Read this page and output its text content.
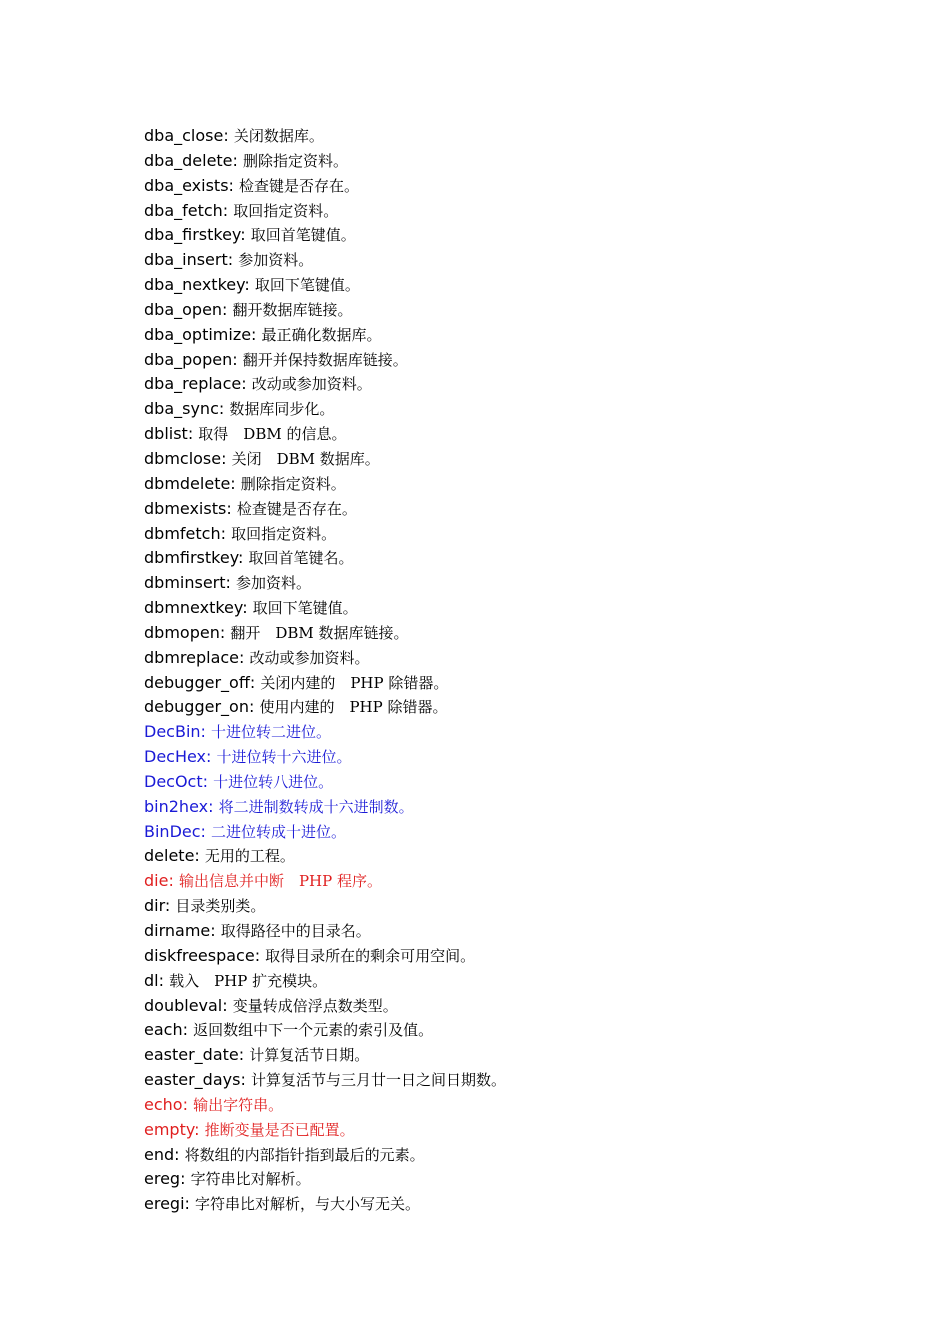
dba_close: 关闭数据库。
dba_delete: 删除指定资料。
dba_exists: 检查键是否存在。
dba_fetch: 取回指定资料。
dba_firstkey: 取回首笔键值。
dba_insert: 参加资料。
dba_nextkey: 取回下笔键值。
dba_open: 翻开数据库链接。
dba_optimize: 最正确化数据库。
dba_popen: 翻开并保持数据库链接。
dba_replace: 改动或参加资料。
dba_sync: 数据库同步化。
dblist: 取得　DBM 的信息。
dbmclose: 关闭　DBM 数据库。
dbmdelete: 删除指定资料。
dbmexists: 检查键是否存在。
dbmfetch: 取回指定资料。
dbmfirstkey: 取回首笔键名。
dbminsert: 参加资料。
dbmnextkey: 取回下笔键值。
dbmopen: 翻开　DBM 数据库链接。
dbmreplace: 改动或参加资料。
debugger_off: 关闭内建的　PHP 除错器。
debugger_on: 使用内建的　PHP 除错器。
DecBin: 十进位转二进位。
DecHex: 十进位转十六进位。
DecOct: 十进位转八进位。
bin2hex: 将二进制数转成十六进制数。
BinDec: 二进位转成十进位。
delete: 无用的工程。
die: 输出信息并中断　PHP 程序。
dir: 目录类别类。
dirname: 取得路径中的目录名。
diskfreespace: 取得目录所在的剩余可用空间。
dl: 载入　PHP 扩充模块。
doubleval: 变量转成倍浮点数类型。
each: 返回数组中下一个元素的索引及值。
easter_date: 计算复活节日期。
easter_days: 计算复活节与三月廿一日之间日期数。
echo: 输出字符串。
empty: 推断变量是否已配置。
end: 将数组的内部指针指到最后的元素。
ereg: 字符串比对解析。
eregi: 字符串比对解析，与大小写无关。
